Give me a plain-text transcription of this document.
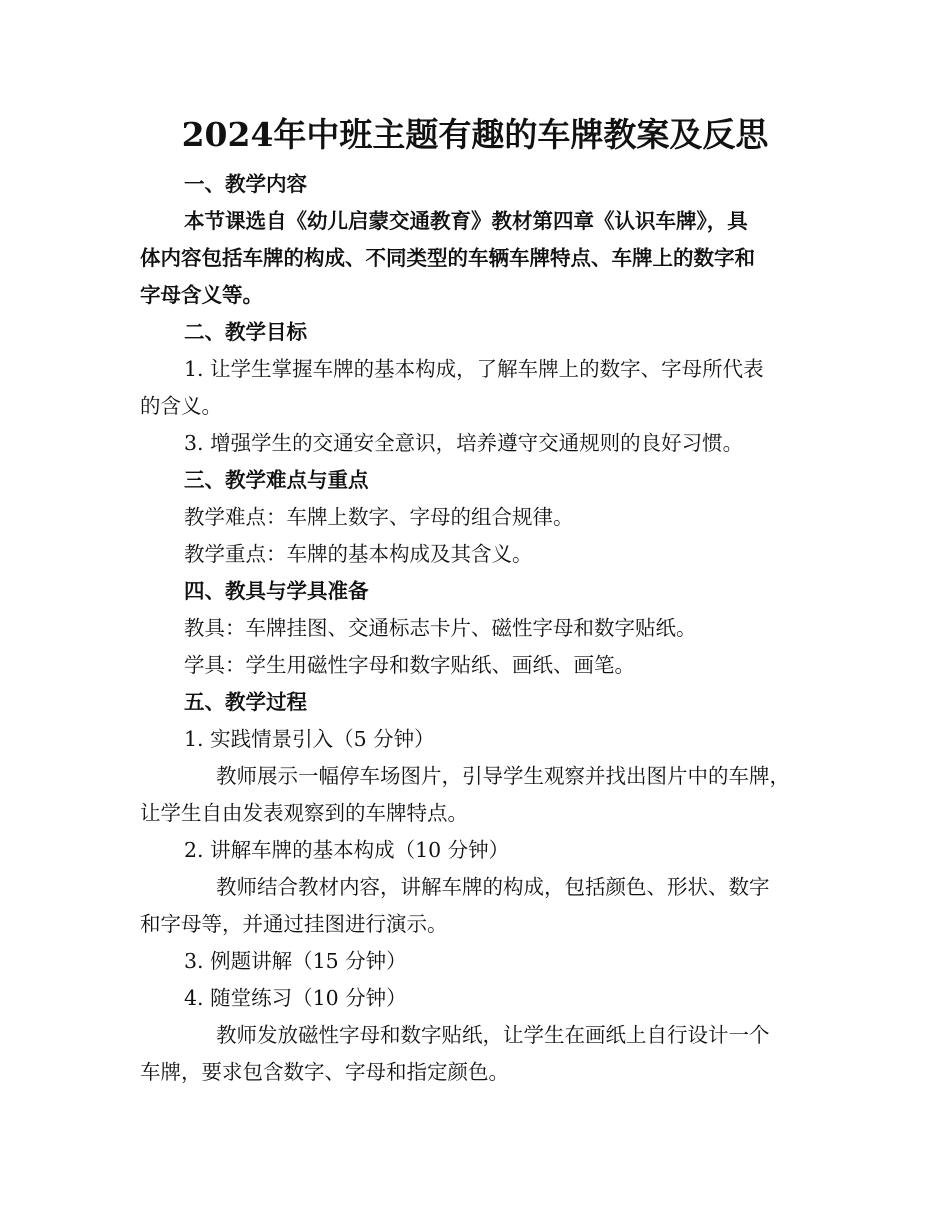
2024年中班主题有趣的车牌教案及反思
一、教学内容
本节课选自《幼儿启蒙交通教育》教材第四章《认识车牌》，具
体内容包括车牌的构成、不同类型的车辆车牌特点、车牌上的数字和
字母含义等。
二、教学目标
1. 让学生掌握车牌的基本构成，了解车牌上的数字、字母所代表
的含义。
3. 增强学生的交通安全意识，培养遵守交通规则的良好习惯。
三、教学难点与重点
教学难点：车牌上数字、字母的组合规律。
教学重点：车牌的基本构成及其含义。
四、教具与学具准备
教具：车牌挂图、交通标志卡片、磁性字母和数字贴纸。
学具：学生用磁性字母和数字贴纸、画纸、画笔。
五、教学过程
1. 实践情景引入（5 分钟）
教师展示一幅停车场图片，引导学生观察并找出图片中的车牌，
让学生自由发表观察到的车牌特点。
2. 讲解车牌的基本构成（10 分钟）
教师结合教材内容，讲解车牌的构成，包括颜色、形状、数字
和字母等，并通过挂图进行演示。
3. 例题讲解（15 分钟）
4. 随堂练习（10 分钟）
教师发放磁性字母和数字贴纸，让学生在画纸上自行设计一个
车牌，要求包含数字、字母和指定颜色。
